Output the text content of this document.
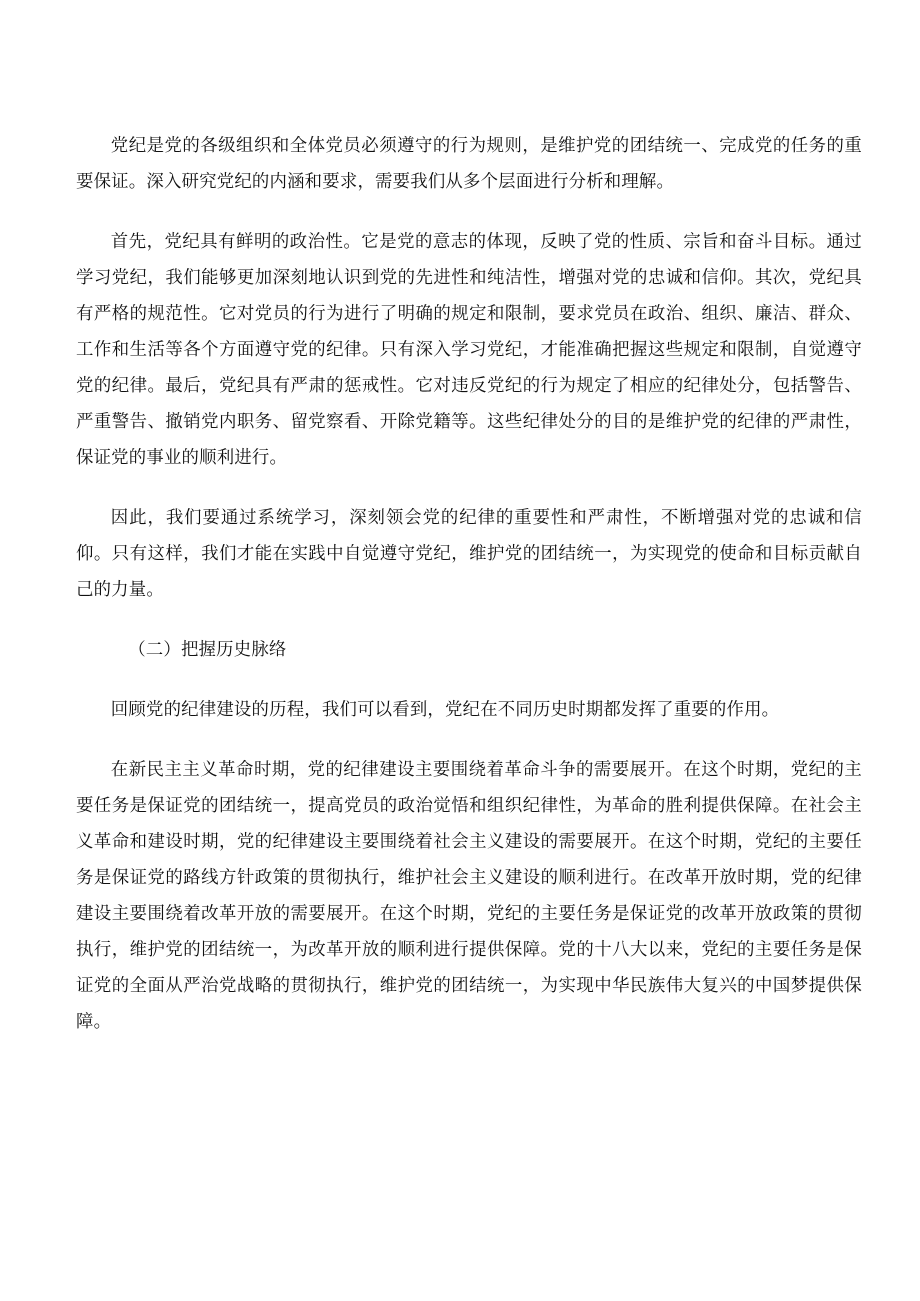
党纪是党的各级组织和全体党员必须遵守的行为规则，是维护党的团结统一、完成党的任务的重要保证。深入研究党纪的内涵和要求，需要我们从多个层面进行分析和理解。

首先，党纪具有鲜明的政治性。它是党的意志的体现，反映了党的性质、宗旨和奋斗目标。通过学习党纪，我们能够更加深刻地认识到党的先进性和纯洁性，增强对党的忠诚和信仰。其次，党纪具有严格的规范性。它对党员的行为进行了明确的规定和限制，要求党员在政治、组织、廉洁、群众、工作和生活等各个方面遵守党的纪律。只有深入学习党纪，才能准确把握这些规定和限制，自觉遵守党的纪律。最后，党纪具有严肃的惩戒性。它对违反党纪的行为规定了相应的纪律处分，包括警告、严重警告、撤销党内职务、留党察看、开除党籍等。这些纪律处分的目的是维护党的纪律的严肃性，保证党的事业的顺利进行。

因此，我们要通过系统学习，深刻领会党的纪律的重要性和严肃性，不断增强对党的忠诚和信仰。只有这样，我们才能在实践中自觉遵守党纪，维护党的团结统一，为实现党的使命和目标贡献自己的力量。

（二）把握历史脉络

回顾党的纪律建设的历程，我们可以看到，党纪在不同历史时期都发挥了重要的作用。

在新民主主义革命时期，党的纪律建设主要围绕着革命斗争的需要展开。在这个时期，党纪的主要任务是保证党的团结统一，提高党员的政治觉悟和组织纪律性，为革命的胜利提供保障。在社会主义革命和建设时期，党的纪律建设主要围绕着社会主义建设的需要展开。在这个时期，党纪的主要任务是保证党的路线方针政策的贯彻执行，维护社会主义建设的顺利进行。在改革开放时期，党的纪律建设主要围绕着改革开放的需要展开。在这个时期，党纪的主要任务是保证党的改革开放政策的贯彻执行，维护党的团结统一，为改革开放的顺利进行提供保障。党的十八大以来，党纪的主要任务是保证党的全面从严治党战略的贯彻执行，维护党的团结统一，为实现中华民族伟大复兴的中国梦提供保障。
